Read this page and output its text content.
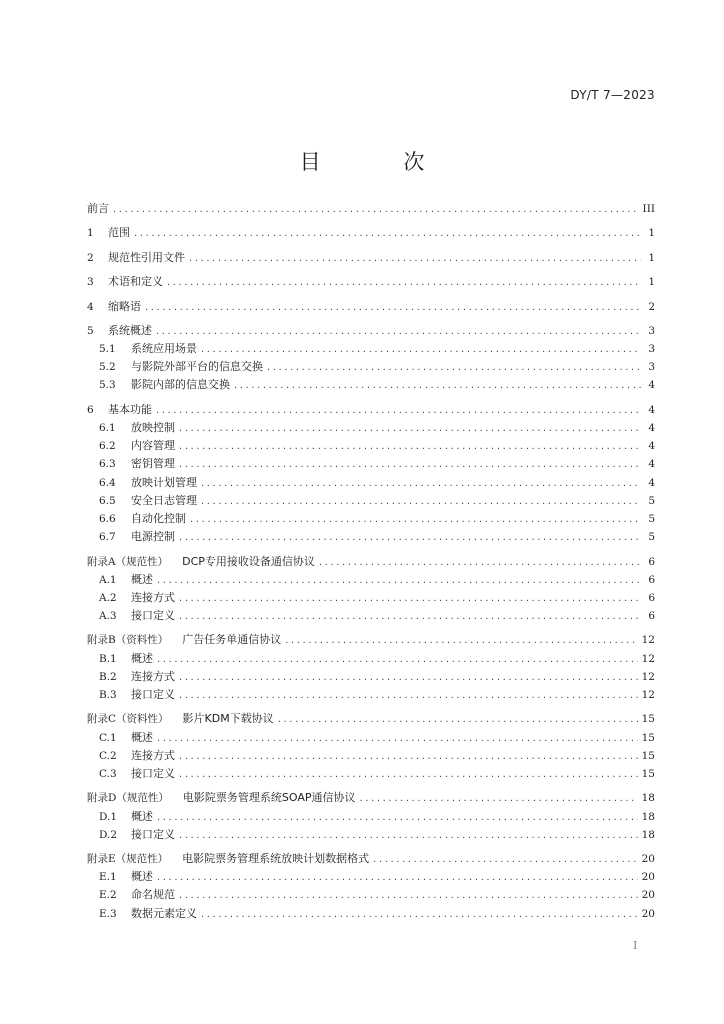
DY/T 7—2023
目 次
前言 .....	III
1	范围 .....	1
2	规范性引用文件 .....	1
3	术语和定义 .....	1
4	缩略语 .....	2
5	系统概述 .....	3
5.1	系统应用场景 .....	3
5.2	与影院外部平台的信息交换 .....	3
5.3	影院内部的信息交换 .....	4
6	基本功能 .....	4
6.1	放映控制 .....	4
6.2	内容管理 .....	4
6.3	密钥管理 .....	4
6.4	放映计划管理 .....	4
6.5	安全日志管理 .....	5
6.6	自动化控制 .....	5
6.7	电源控制 .....	5
附录A（规范性） DCP专用接收设备通信协议 .....	6
A.1	概述 .....	6
A.2	连接方式 .....	6
A.3	接口定义 .....	6
附录B（资料性） 广告任务单通信协议 .....	12
B.1	概述 .....	12
B.2	连接方式 .....	12
B.3	接口定义 .....	12
附录C（资料性） 影片KDM下载协议 .....	15
C.1	概述 .....	15
C.2	连接方式 .....	15
C.3	接口定义 .....	15
附录D（规范性） 电影院票务管理系统SOAP通信协议 .....	18
D.1	概述 .....	18
D.2	接口定义 .....	18
附录E（规范性） 电影院票务管理系统放映计划数据格式 .....	20
E.1	概述 .....	20
E.2	命名规范 .....	20
E.3	数据元素定义 .....	20
I
